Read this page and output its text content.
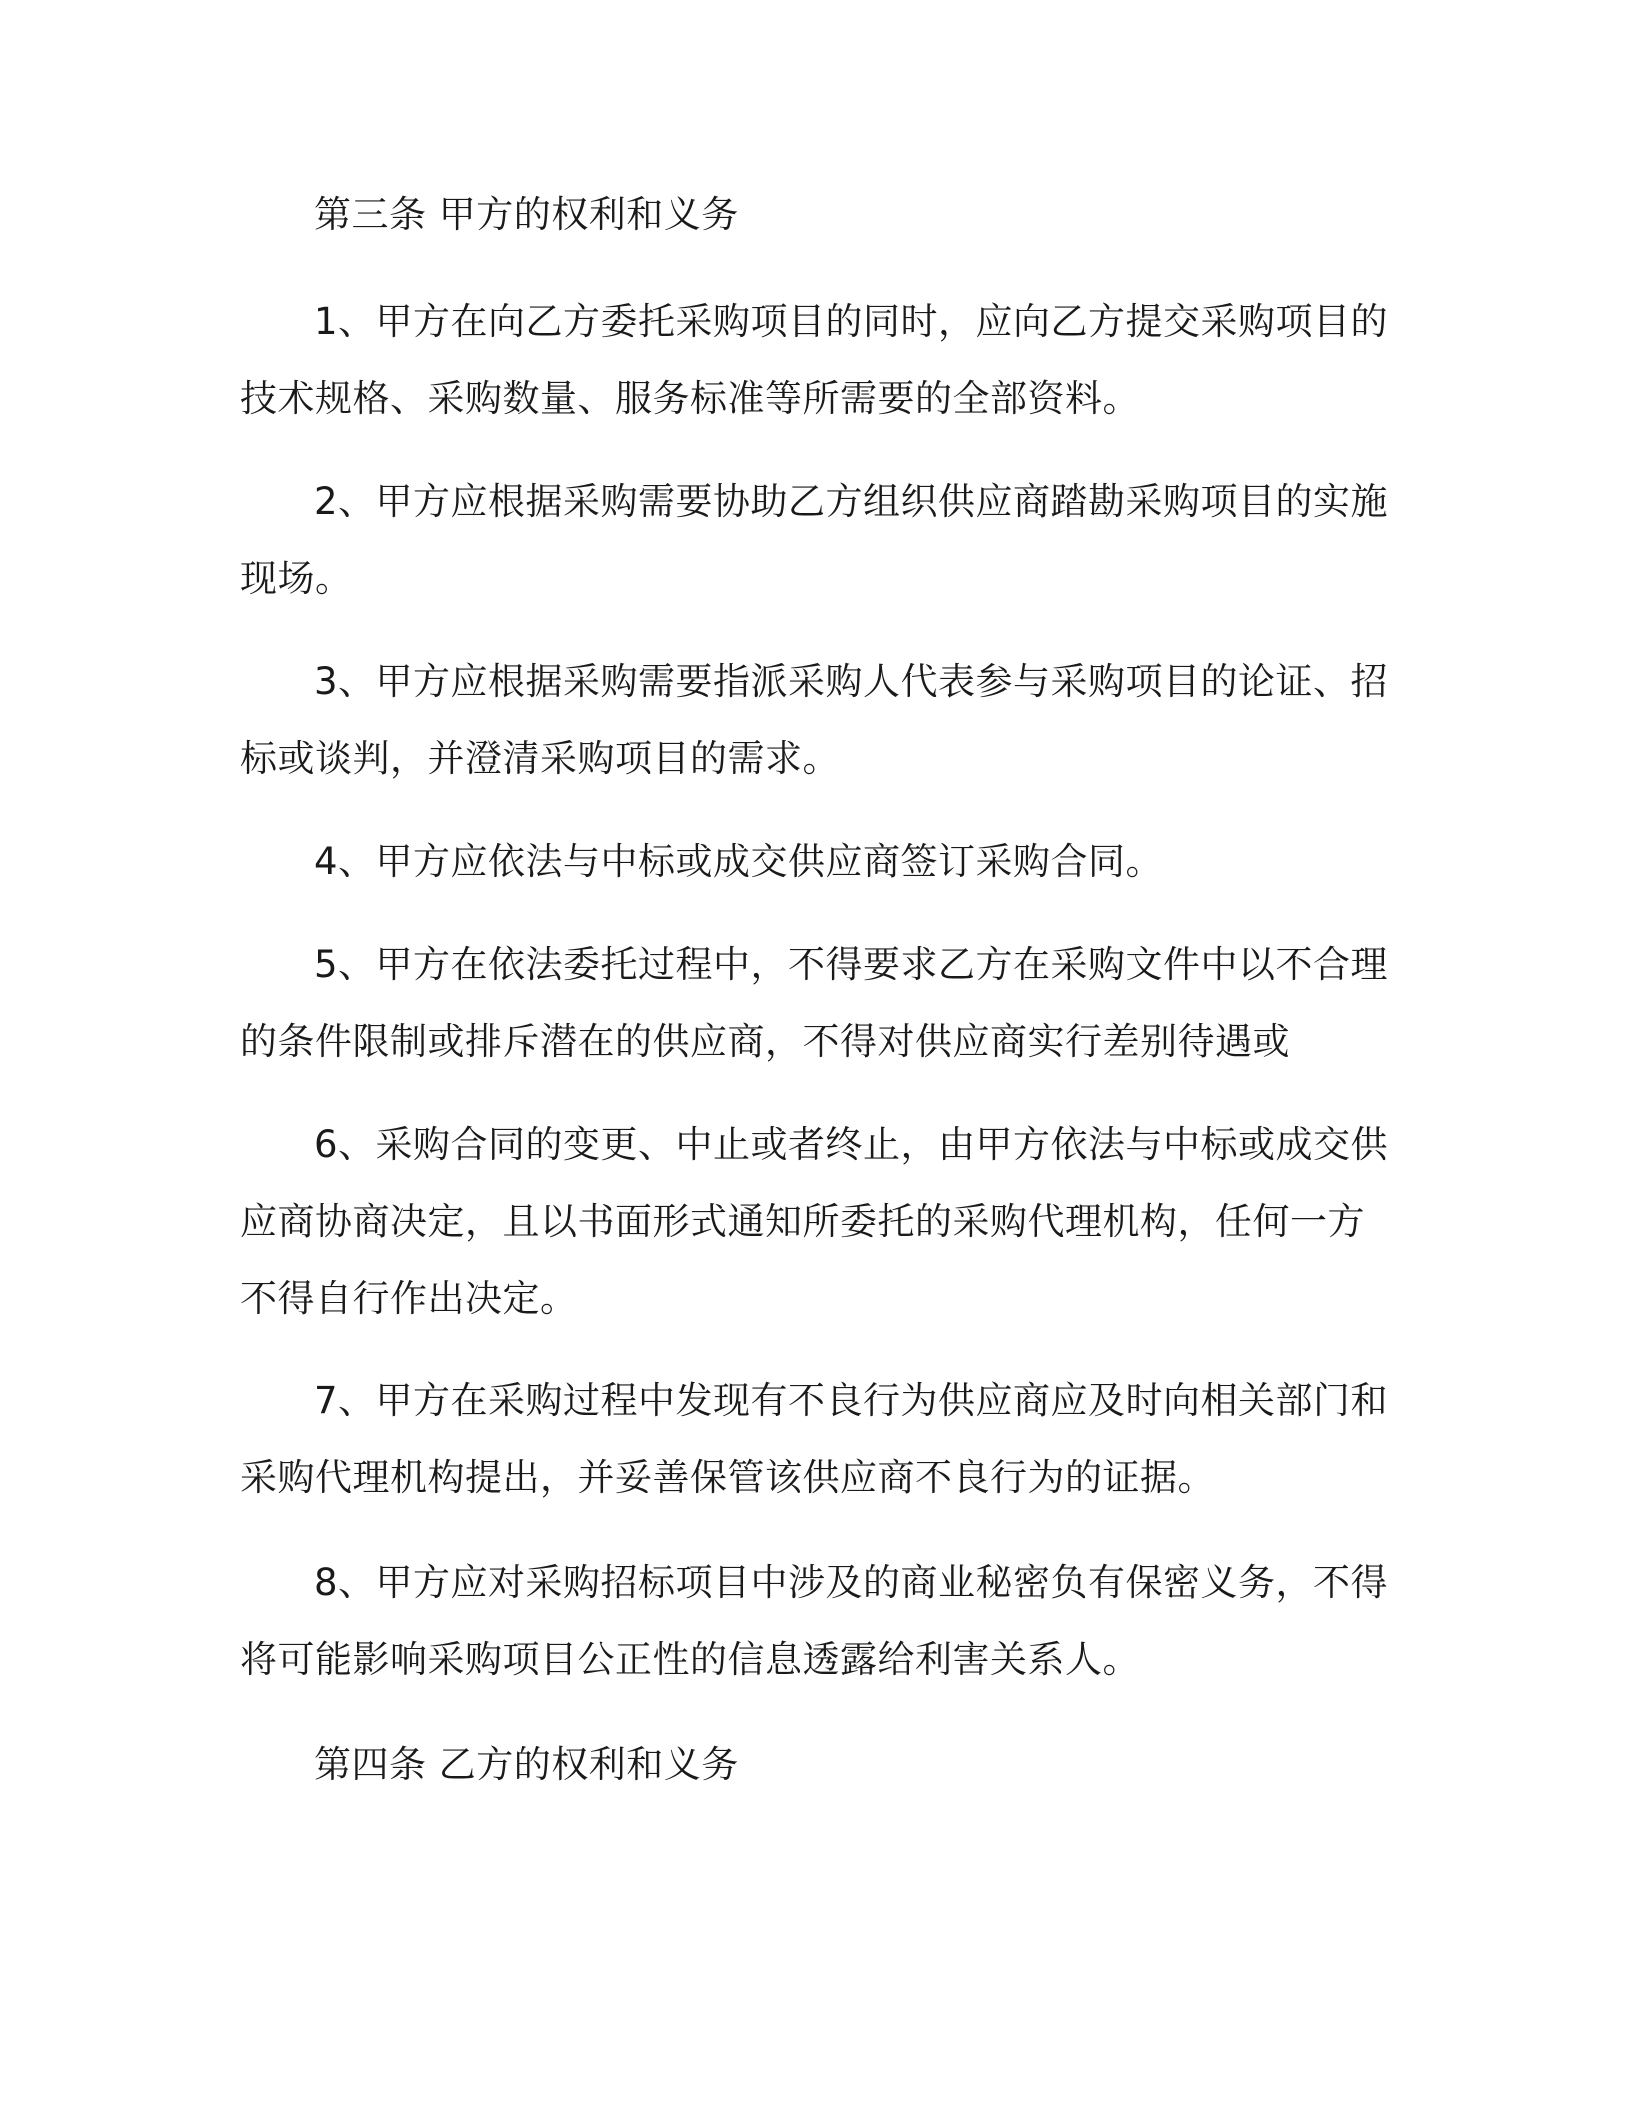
第三条 甲方的权利和义务

1、甲方在向乙方委托采购项目的同时，应向乙方提交采购项目的
技术规格、采购数量、服务标准等所需要的全部资料。
2、甲方应根据采购需要协助乙方组织供应商踏勘采购项目的实施
现场。
3、甲方应根据采购需要指派采购人代表参与采购项目的论证、招
标或谈判，并澄清采购项目的需求。
4、甲方应依法与中标或成交供应商签订采购合同。
5、甲方在依法委托过程中，不得要求乙方在采购文件中以不合理
的条件限制或排斥潜在的供应商，不得对供应商实行差别待遇或
6、采购合同的变更、中止或者终止，由甲方依法与中标或成交供
应商协商决定，且以书面形式通知所委托的采购代理机构，任何一方
不得自行作出决定。
7、甲方在采购过程中发现有不良行为供应商应及时向相关部门和
采购代理机构提出，并妥善保管该供应商不良行为的证据。
8、甲方应对采购招标项目中涉及的商业秘密负有保密义务，不得
将可能影响采购项目公正性的信息透露给利害关系人。

第四条 乙方的权利和义务
